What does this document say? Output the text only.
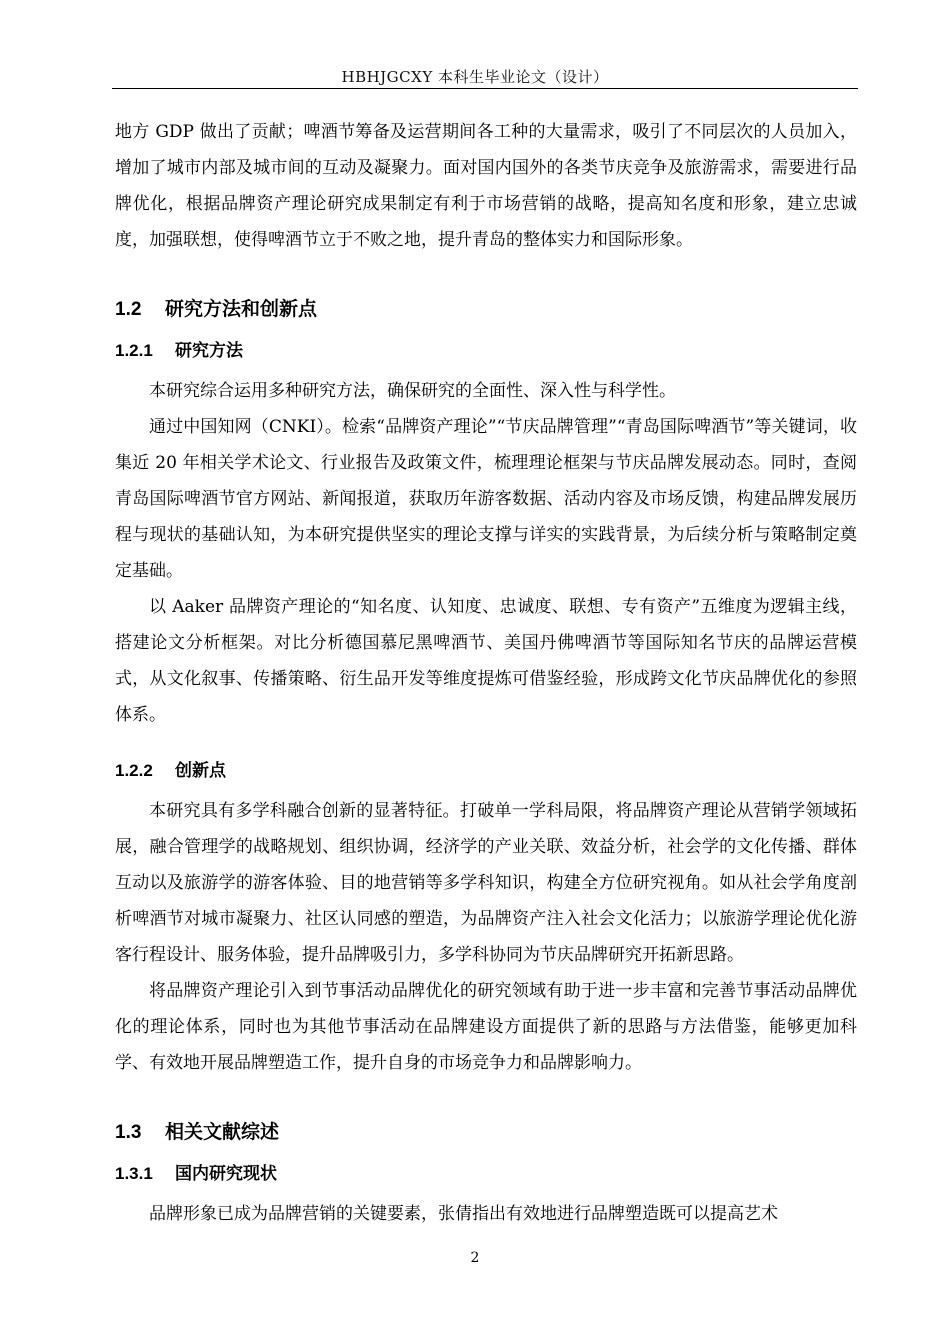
HBHJGCXY 本科生毕业论文（设计）

地方 GDP 做出了贡献；啤酒节筹备及运营期间各工种的大量需求，吸引了不同层次的人员加入，增加了城市内部及城市间的互动及凝聚力。面对国内国外的各类节庆竞争及旅游需求，需要进行品牌优化，根据品牌资产理论研究成果制定有利于市场营销的战略，提高知名度和形象，建立忠诚度，加强联想，使得啤酒节立于不败之地，提升青岛的整体实力和国际形象。

1.2 研究方法和创新点
1.2.1 研究方法

本研究综合运用多种研究方法，确保研究的全面性、深入性与科学性。

通过中国知网（CNKI）。检索“品牌资产理论”“节庆品牌管理”“青岛国际啤酒节”等关键词，收集近 20 年相关学术论文、行业报告及政策文件，梳理理论框架与节庆品牌发展动态。同时，查阅青岛国际啤酒节官方网站、新闻报道，获取历年游客数据、活动内容及市场反馈，构建品牌发展历程与现状的基础认知，为本研究提供坚实的理论支撑与详实的实践背景，为后续分析与策略制定奠定基础。

以 Aaker 品牌资产理论的“知名度、认知度、忠诚度、联想、专有资产”五维度为逻辑主线，搭建论文分析框架。对比分析德国慕尼黑啤酒节、美国丹佛啤酒节等国际知名节庆的品牌运营模式，从文化叙事、传播策略、衍生品开发等维度提炼可借鉴经验，形成跨文化节庆品牌优化的参照体系。

1.2.2 创新点

本研究具有多学科融合创新的显著特征。打破单一学科局限，将品牌资产理论从营销学领域拓展，融合管理学的战略规划、组织协调，经济学的产业关联、效益分析，社会学的文化传播、群体互动以及旅游学的游客体验、目的地营销等多学科知识，构建全方位研究视角。如从社会学角度剖析啤酒节对城市凝聚力、社区认同感的塑造，为品牌资产注入社会文化活力；以旅游学理论优化游客行程设计、服务体验，提升品牌吸引力，多学科协同为节庆品牌研究开拓新思路。

将品牌资产理论引入到节事活动品牌优化的研究领域有助于进一步丰富和完善节事活动品牌优化的理论体系，同时也为其他节事活动在品牌建设方面提供了新的思路与方法借鉴，能够更加科学、有效地开展品牌塑造工作，提升自身的市场竞争力和品牌影响力。

1.3 相关文献综述
1.3.1 国内研究现状

品牌形象已成为品牌营销的关键要素，张倩指出有效地进行品牌塑造既可以提高艺术

2
